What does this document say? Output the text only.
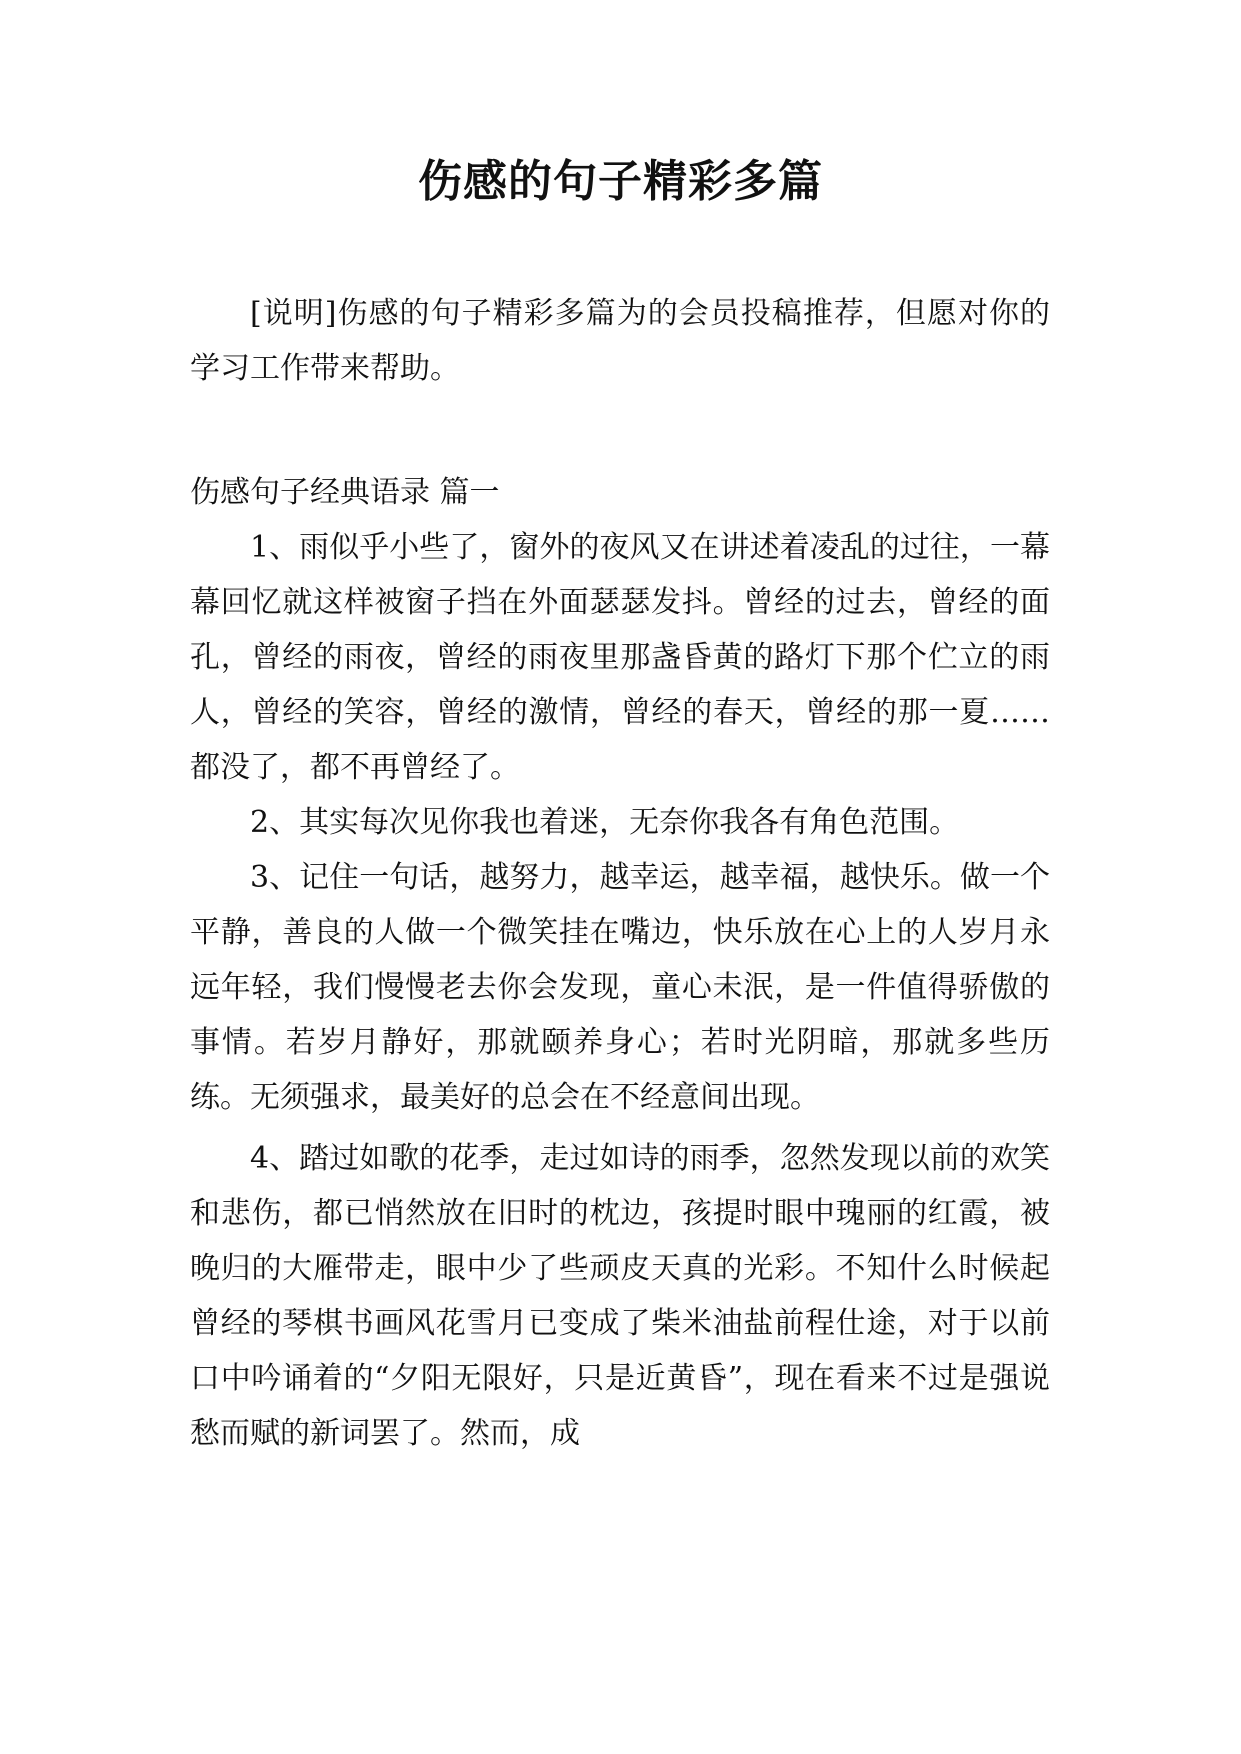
伤感的句子精彩多篇

[说明]伤感的句子精彩多篇为的会员投稿推荐，但愿对你的学习工作带来帮助。

伤感句子经典语录 篇一

1、雨似乎小些了，窗外的夜风又在讲述着凌乱的过往，一幕幕回忆就这样被窗子挡在外面瑟瑟发抖。曾经的过去，曾经的面孔，曾经的雨夜，曾经的雨夜里那盏昏黄的路灯下那个伫立的雨人，曾经的笑容，曾经的激情，曾经的春天，曾经的那一夏……都没了，都不再曾经了。

2、其实每次见你我也着迷，无奈你我各有角色范围。

3、记住一句话，越努力，越幸运，越幸福，越快乐。做一个平静，善良的人做一个微笑挂在嘴边，快乐放在心上的人岁月永远年轻，我们慢慢老去你会发现，童心未泯，是一件值得骄傲的事情。若岁月静好，那就颐养身心；若时光阴暗，那就多些历练。无须强求，最美好的总会在不经意间出现。

4、踏过如歌的花季，走过如诗的雨季，忽然发现以前的欢笑和悲伤，都已悄然放在旧时的枕边，孩提时眼中瑰丽的红霞，被晚归的大雁带走，眼中少了些顽皮天真的光彩。不知什么时候起曾经的琴棋书画风花雪月已变成了柴米油盐前程仕途，对于以前口中吟诵着的“夕阳无限好，只是近黄昏”，现在看来不过是强说愁而赋的新词罢了。然而，成
